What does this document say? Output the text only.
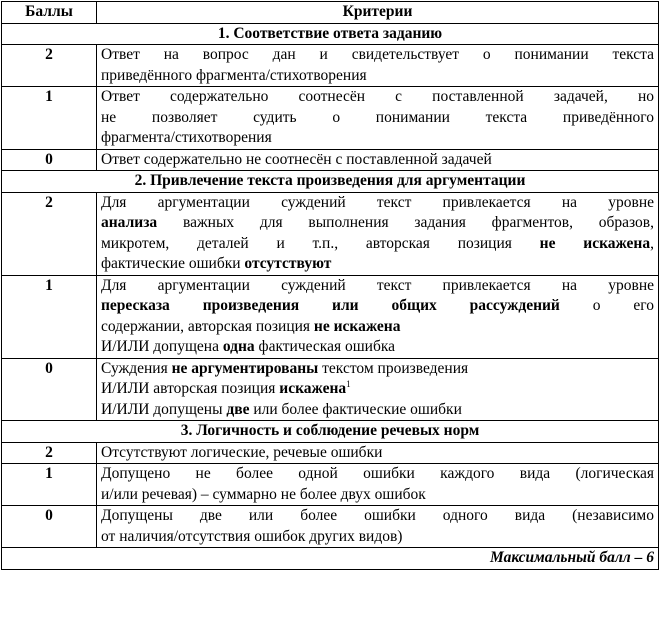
Баллы	Критерии
1. Соответствие ответа заданию	
2	Ответ на вопрос дан и свидетельствует о понимании текста
приведённого фрагмента/стихотворения

1	Ответ содержательно соотнесён с поставленной задачей, но
не позволяет судить о понимании текста приведённого
фрагмента/стихотворения

0	Ответ содержательно не соотнесён с поставленной задачей

2. Привлечение текста произведения для аргументации	
2	Для аргументации суждений текст привлекается на уровне
анализа важных для выполнения задания фрагментов, образов,
микротем, деталей и т.п., авторская позиция не искажена,
фактические ошибки отсутствуют

1	Для аргументации суждений текст привлекается на уровне
пересказа произведения или общих рассуждений о его
содержании, авторская позиция не искажена
И/ИЛИ допущена одна фактическая ошибка

0	Суждения не аргументированы текстом произведения
И/ИЛИ авторская позиция искажена$^1$
И/ИЛИ допущены две или более фактические ошибки

3. Логичность и соблюдение речевых норм	
2	Отсутствуют логические, речевые ошибки

1	Допущено не более одной ошибки каждого вида (логическая
и/или речевая) – суммарно не более двух ошибок

0	Допущены две или более ошибки одного вида (независимо
от наличия/отсутствия ошибок других видов)

Максимальный балл – 6	
